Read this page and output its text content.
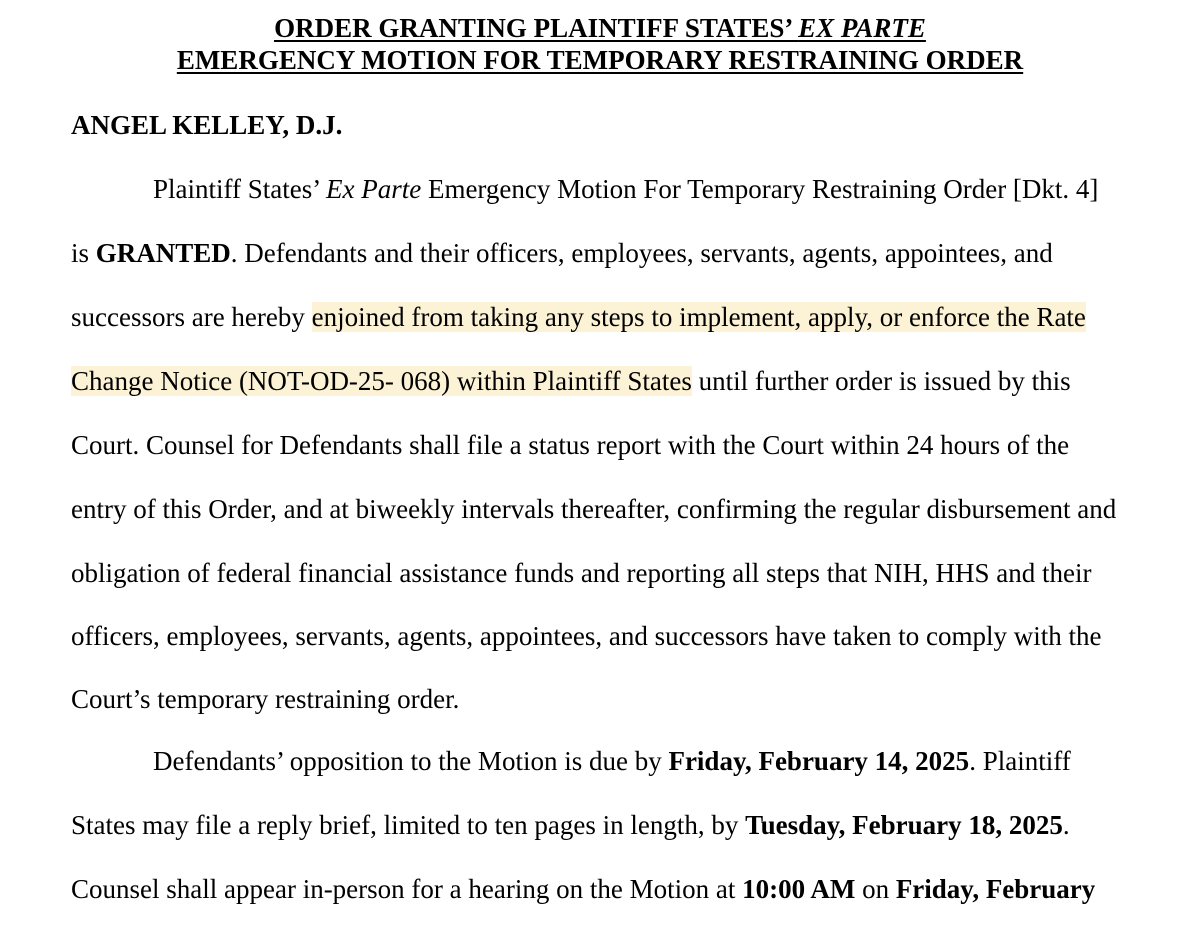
ORDER GRANTING PLAINTIFF STATES’ EX PARTE
EMERGENCY MOTION FOR TEMPORARY RESTRAINING ORDER
ANGEL KELLEY, D.J.
Plaintiff States’ Ex Parte Emergency Motion For Temporary Restraining Order [Dkt. 4]
is GRANTED. Defendants and their officers, employees, servants, agents, appointees, and
successors are hereby enjoined from taking any steps to implement, apply, or enforce the Rate
Change Notice (NOT-OD-25- 068) within Plaintiff States until further order is issued by this
Court. Counsel for Defendants shall file a status report with the Court within 24 hours of the
entry of this Order, and at biweekly intervals thereafter, confirming the regular disbursement and
obligation of federal financial assistance funds and reporting all steps that NIH, HHS and their
officers, employees, servants, agents, appointees, and successors have taken to comply with the
Court’s temporary restraining order.
Defendants’ opposition to the Motion is due by Friday, February 14, 2025. Plaintiff
States may file a reply brief, limited to ten pages in length, by Tuesday, February 18, 2025.
Counsel shall appear in-person for a hearing on the Motion at 10:00 AM on Friday, February
